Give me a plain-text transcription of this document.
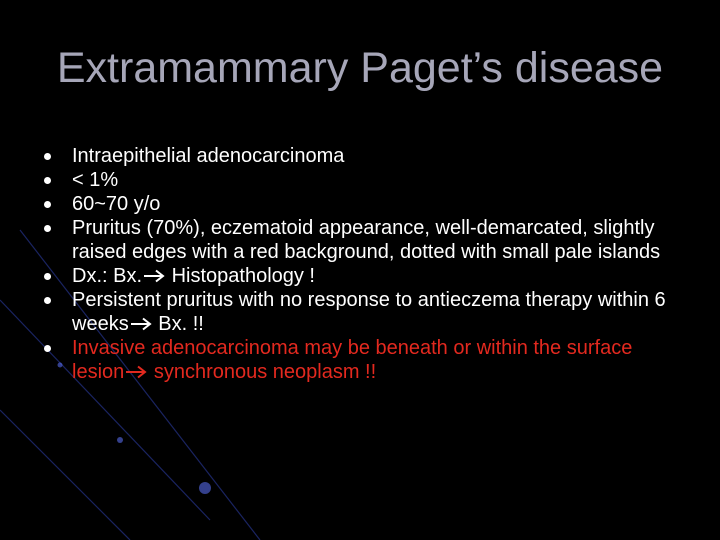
Extramammary Paget’s disease
Intraepithelial adenocarcinoma
< 1%
60~70 y/o
Pruritus (70%), eczematoid appearance, well-demarcated, slightly raised edges with a red background, dotted with small pale islands
Dx.: Bx. Histopathology !
Persistent pruritus with no response to antieczema therapy within 6 weeks Bx. !!
Invasive adenocarcinoma may be beneath or within the surface lesion synchronous neoplasm !!
